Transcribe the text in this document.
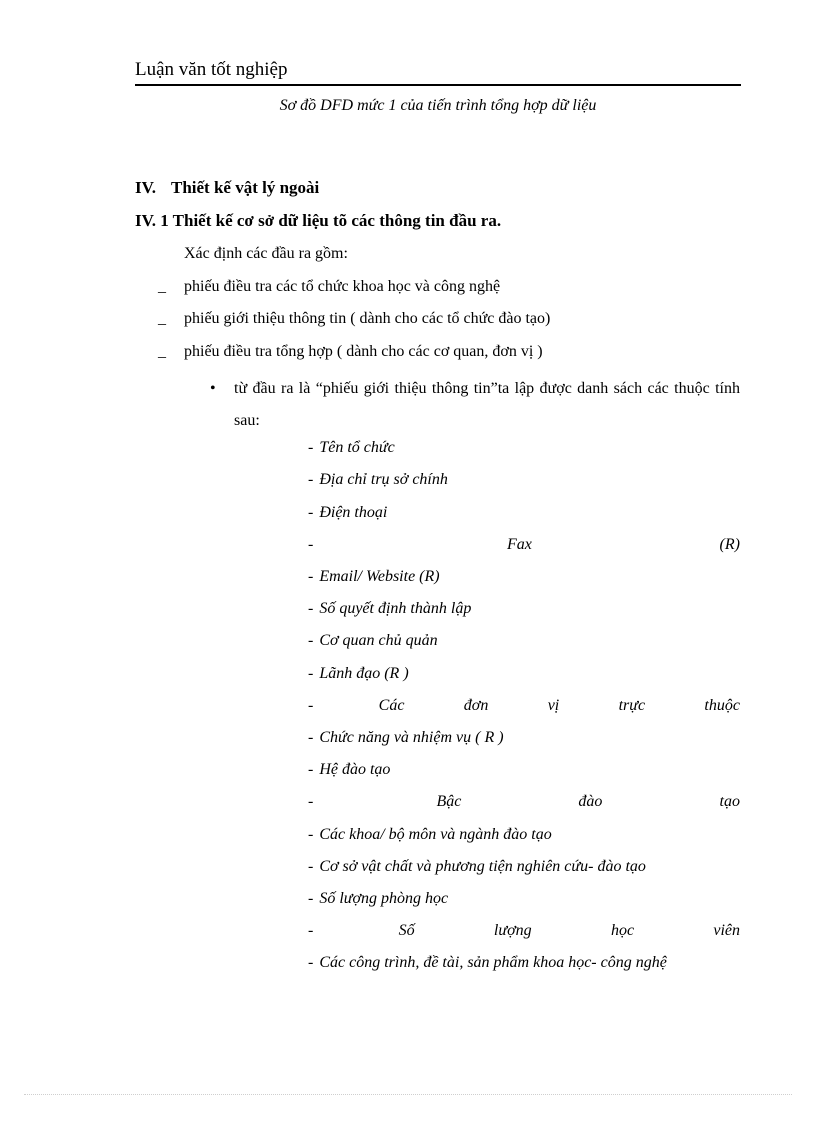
Luận văn tốt nghiệp
Sơ đồ DFD mức 1 của tiến trình tổng hợp dữ liệu
IV. Thiết kế vật lý ngoài
IV. 1 Thiết kế cơ sở dữ liệu tõ các thông tin đầu ra.
Xác định các đầu ra gồm:
_ phiếu điều tra các tổ chức khoa học và công nghệ
_ phiếu giới thiệu thông tin ( dành cho các tổ chức đào tạo)
_ phiếu điều tra tổng hợp ( dành cho các cơ quan, đơn vị )
•	từ đầu ra là “phiếu giới thiệu thông tin”ta lập được danh sách các thuộc tính sau:
- Tên tổ chức
- Địa chỉ trụ sở chính
- Điện thoại
-	Fax	(R)
- Email/ Website (R)
- Số quyết định thành lập
- Cơ quan chủ quản
- Lãnh đạo (R )
-	Các	đơn	vị	trực	thuộc
- Chức năng và nhiệm vụ ( R )
- Hệ đào tạo
-	Bậc	đào	tạo
- Các khoa/ bộ môn và ngành đào tạo
- Cơ sở vật chất và phương tiện nghiên cứu- đào tạo
- Số lượng phòng học
-	Số	lượng	học	viên
- Các công trình, đề tài, sản phẩm khoa học- công nghệ
